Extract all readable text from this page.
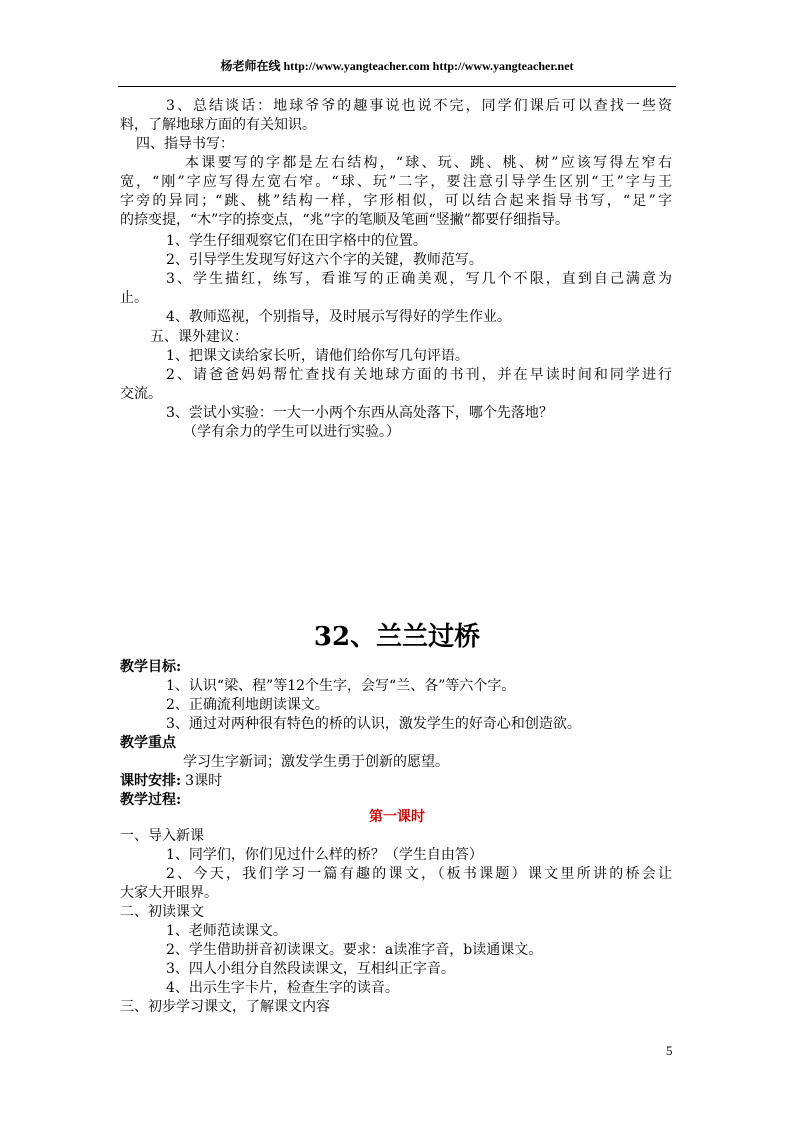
杨老师在线 http://www.yangteacher.com http://www.yangteacher.net
3、总结谈话：地球爷爷的趣事说也说不完，同学们课后可以查找一些资
料，了解地球方面的有关知识。
四、指导书写：
本课要写的字都是左右结构，“球、玩、跳、桃、树”应该写得左窄右
宽，“刚”字应写得左宽右窄。“球、玩”二字，要注意引导学生区别“王”字与王
字旁的异同；“跳、桃”结构一样，字形相似，可以结合起来指导书写，“足”字
的捺变提，“木”字的捺变点，“兆”字的笔顺及笔画“竖撇”都要仔细指导。
1、学生仔细观察它们在田字格中的位置。
2、引导学生发现写好这六个字的关键，教师范写。
3、学生描红，练写，看谁写的正确美观，写几个不限，直到自己满意为
止。
4、教师巡视，个别指导，及时展示写得好的学生作业。
五、课外建议：
1、把课文读给家长听，请他们给你写几句评语。
2、请爸爸妈妈帮忙查找有关地球方面的书刊，并在早读时间和同学进行
交流。
3、尝试小实验：一大一小两个东西从高处落下，哪个先落地？
（学有余力的学生可以进行实验。）
32、兰兰过桥
教学目标:
1、认识“梁、程”等12个生字，会写“兰、各”等六个字。
2、正确流利地朗读课文。
3、通过对两种很有特色的桥的认识，激发学生的好奇心和创造欲。
教学重点
学习生字新词；激发学生勇于创新的愿望。
课时安排: 3课时
教学过程:
第一课时
一、导入新课
1、同学们，你们见过什么样的桥？（学生自由答）
2、今天，我们学习一篇有趣的课文，（板书课题）课文里所讲的桥会让
大家大开眼界。
二、初读课文
1、老师范读课文。
2、学生借助拼音初读课文。要求：a读准字音，b读通课文。
3、四人小组分自然段读课文，互相纠正字音。
4、出示生字卡片，检查生字的读音。
三、初步学习课文，了解课文内容
5
